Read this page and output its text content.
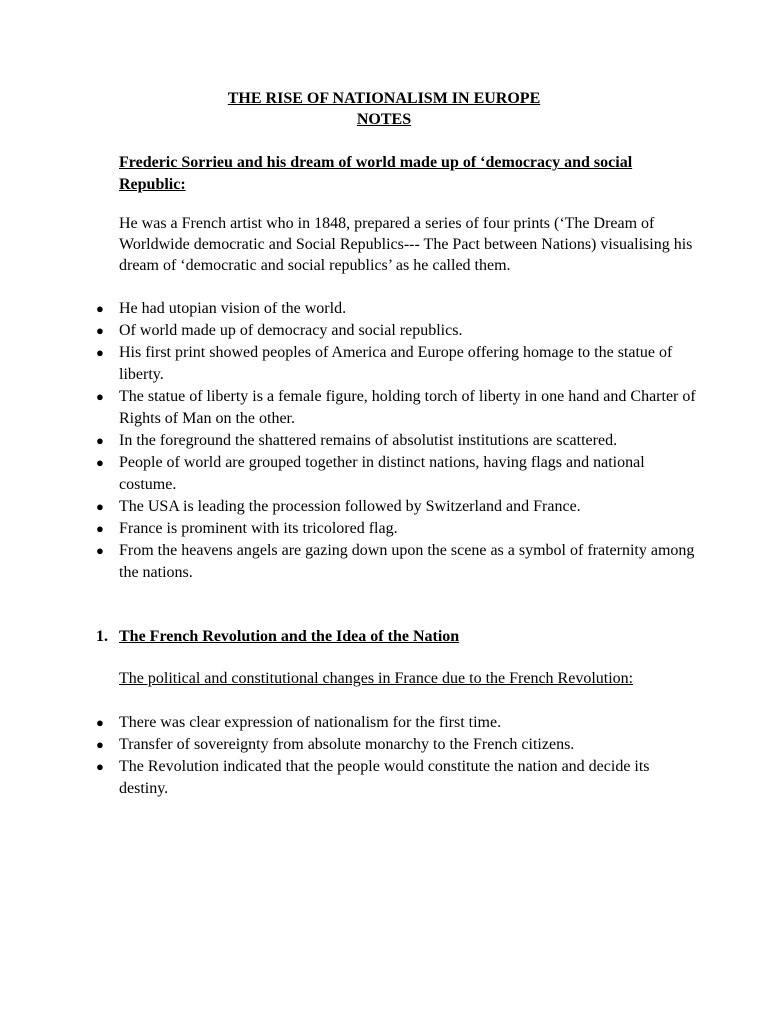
THE RISE OF NATIONALISM IN EUROPE
NOTES
Frederic Sorrieu and his dream of world made up of ‘democracy and social Republic:
He was a French artist who in 1848, prepared a series of four prints (‘The Dream of Worldwide democratic and Social Republics--- The Pact between Nations) visualising his dream of ‘democratic and social republics’ as he called them.
● He had utopian vision of the world.
● Of world made up of democracy and social republics.
● His first print showed peoples of America and Europe offering homage to the statue of liberty.
● The statue of liberty is a female figure, holding torch of liberty in one hand and Charter of Rights of Man on the other.
● In the foreground the shattered remains of absolutist institutions are scattered.
● People of world are grouped together in distinct nations, having flags and national costume.
● The USA is leading the procession followed by Switzerland and France.
● France is prominent with its tricolored flag.
● From the heavens angels are gazing down upon the scene as a symbol of fraternity among the nations.
1. The French Revolution and the Idea of the Nation
The political and constitutional changes in France due to the French Revolution:
● There was clear expression of nationalism for the first time.
● Transfer of sovereignty from absolute monarchy to the French citizens.
● The Revolution indicated that the people would constitute the nation and decide its destiny.
